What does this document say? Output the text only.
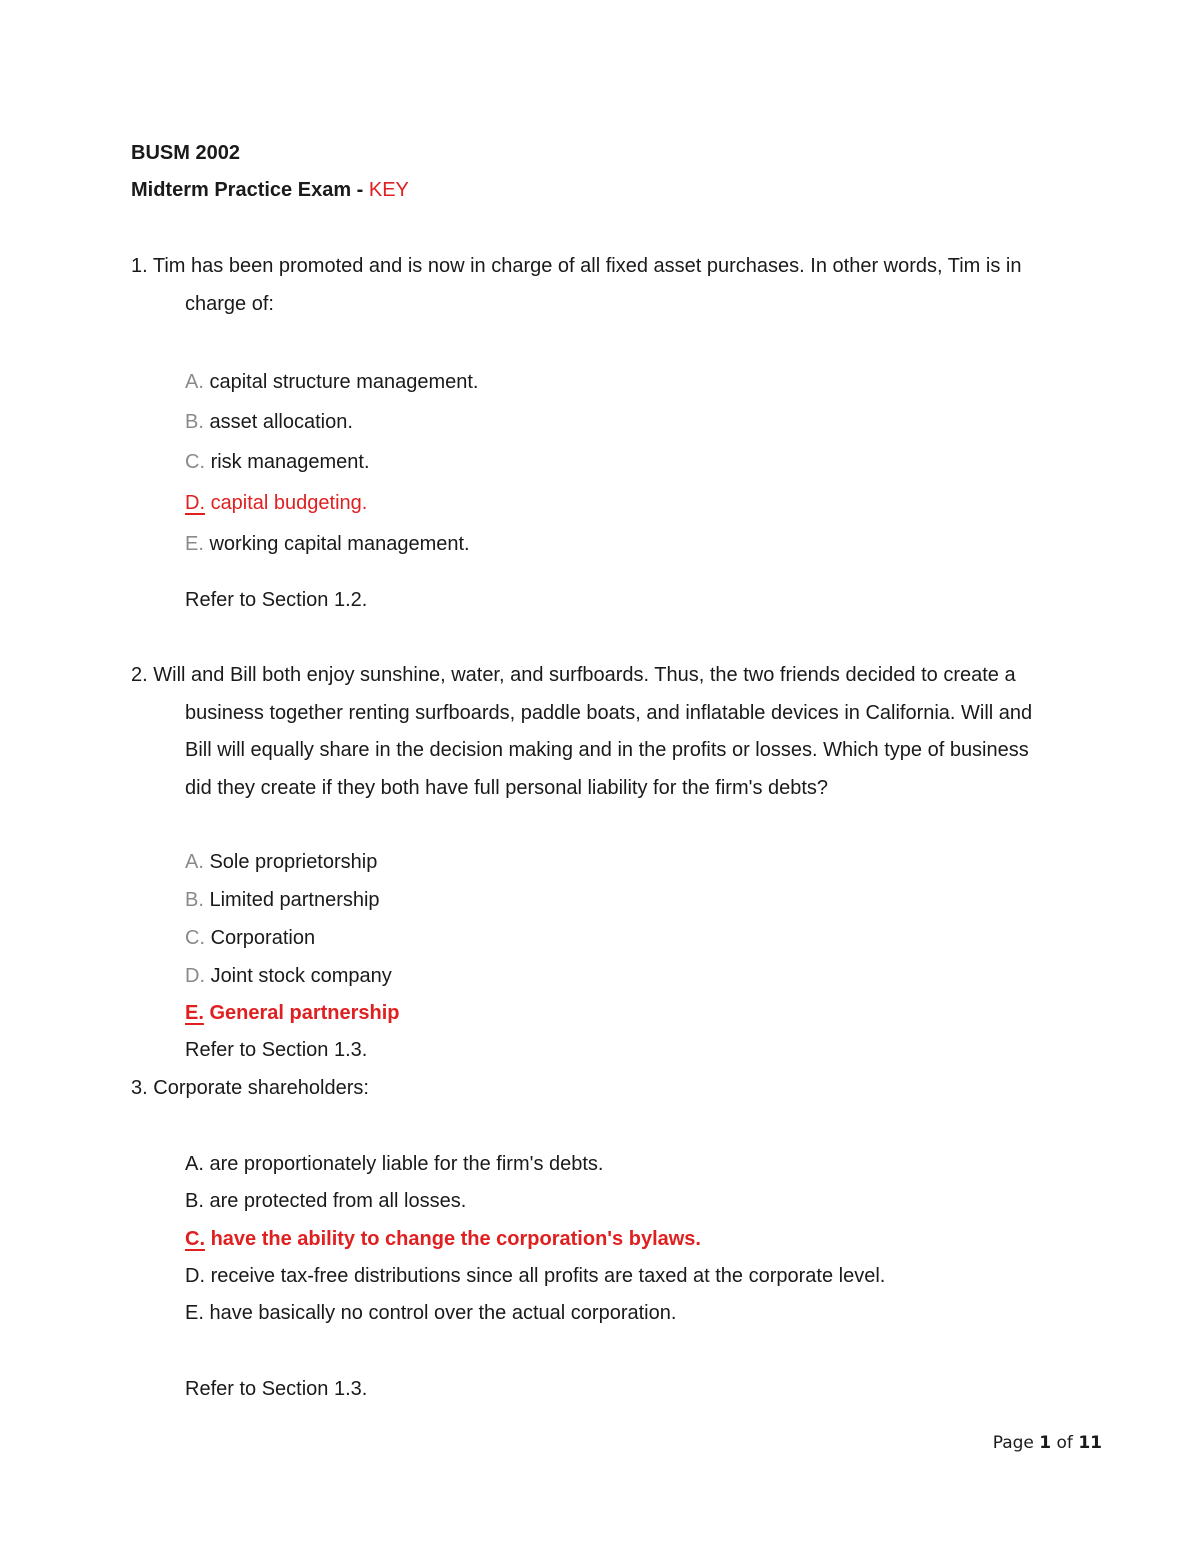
BUSM 2002
Midterm Practice Exam - KEY
1. Tim has been promoted and is now in charge of all fixed asset purchases. In other words, Tim is in
charge of:
A. capital structure management.
B. asset allocation.
C. risk management.
D. capital budgeting.
E. working capital management.
Refer to Section 1.2.
2. Will and Bill both enjoy sunshine, water, and surfboards. Thus, the two friends decided to create a
business together renting surfboards, paddle boats, and inflatable devices in California. Will and
Bill will equally share in the decision making and in the profits or losses. Which type of business
did they create if they both have full personal liability for the firm's debts?
A. Sole proprietorship
B. Limited partnership
C. Corporation
D. Joint stock company
E. General partnership
Refer to Section 1.3.
3. Corporate shareholders:
A. are proportionately liable for the firm's debts.
B. are protected from all losses.
C. have the ability to change the corporation's bylaws.
D. receive tax-free distributions since all profits are taxed at the corporate level.
E. have basically no control over the actual corporation.
Refer to Section 1.3.
Page 1 of 11
